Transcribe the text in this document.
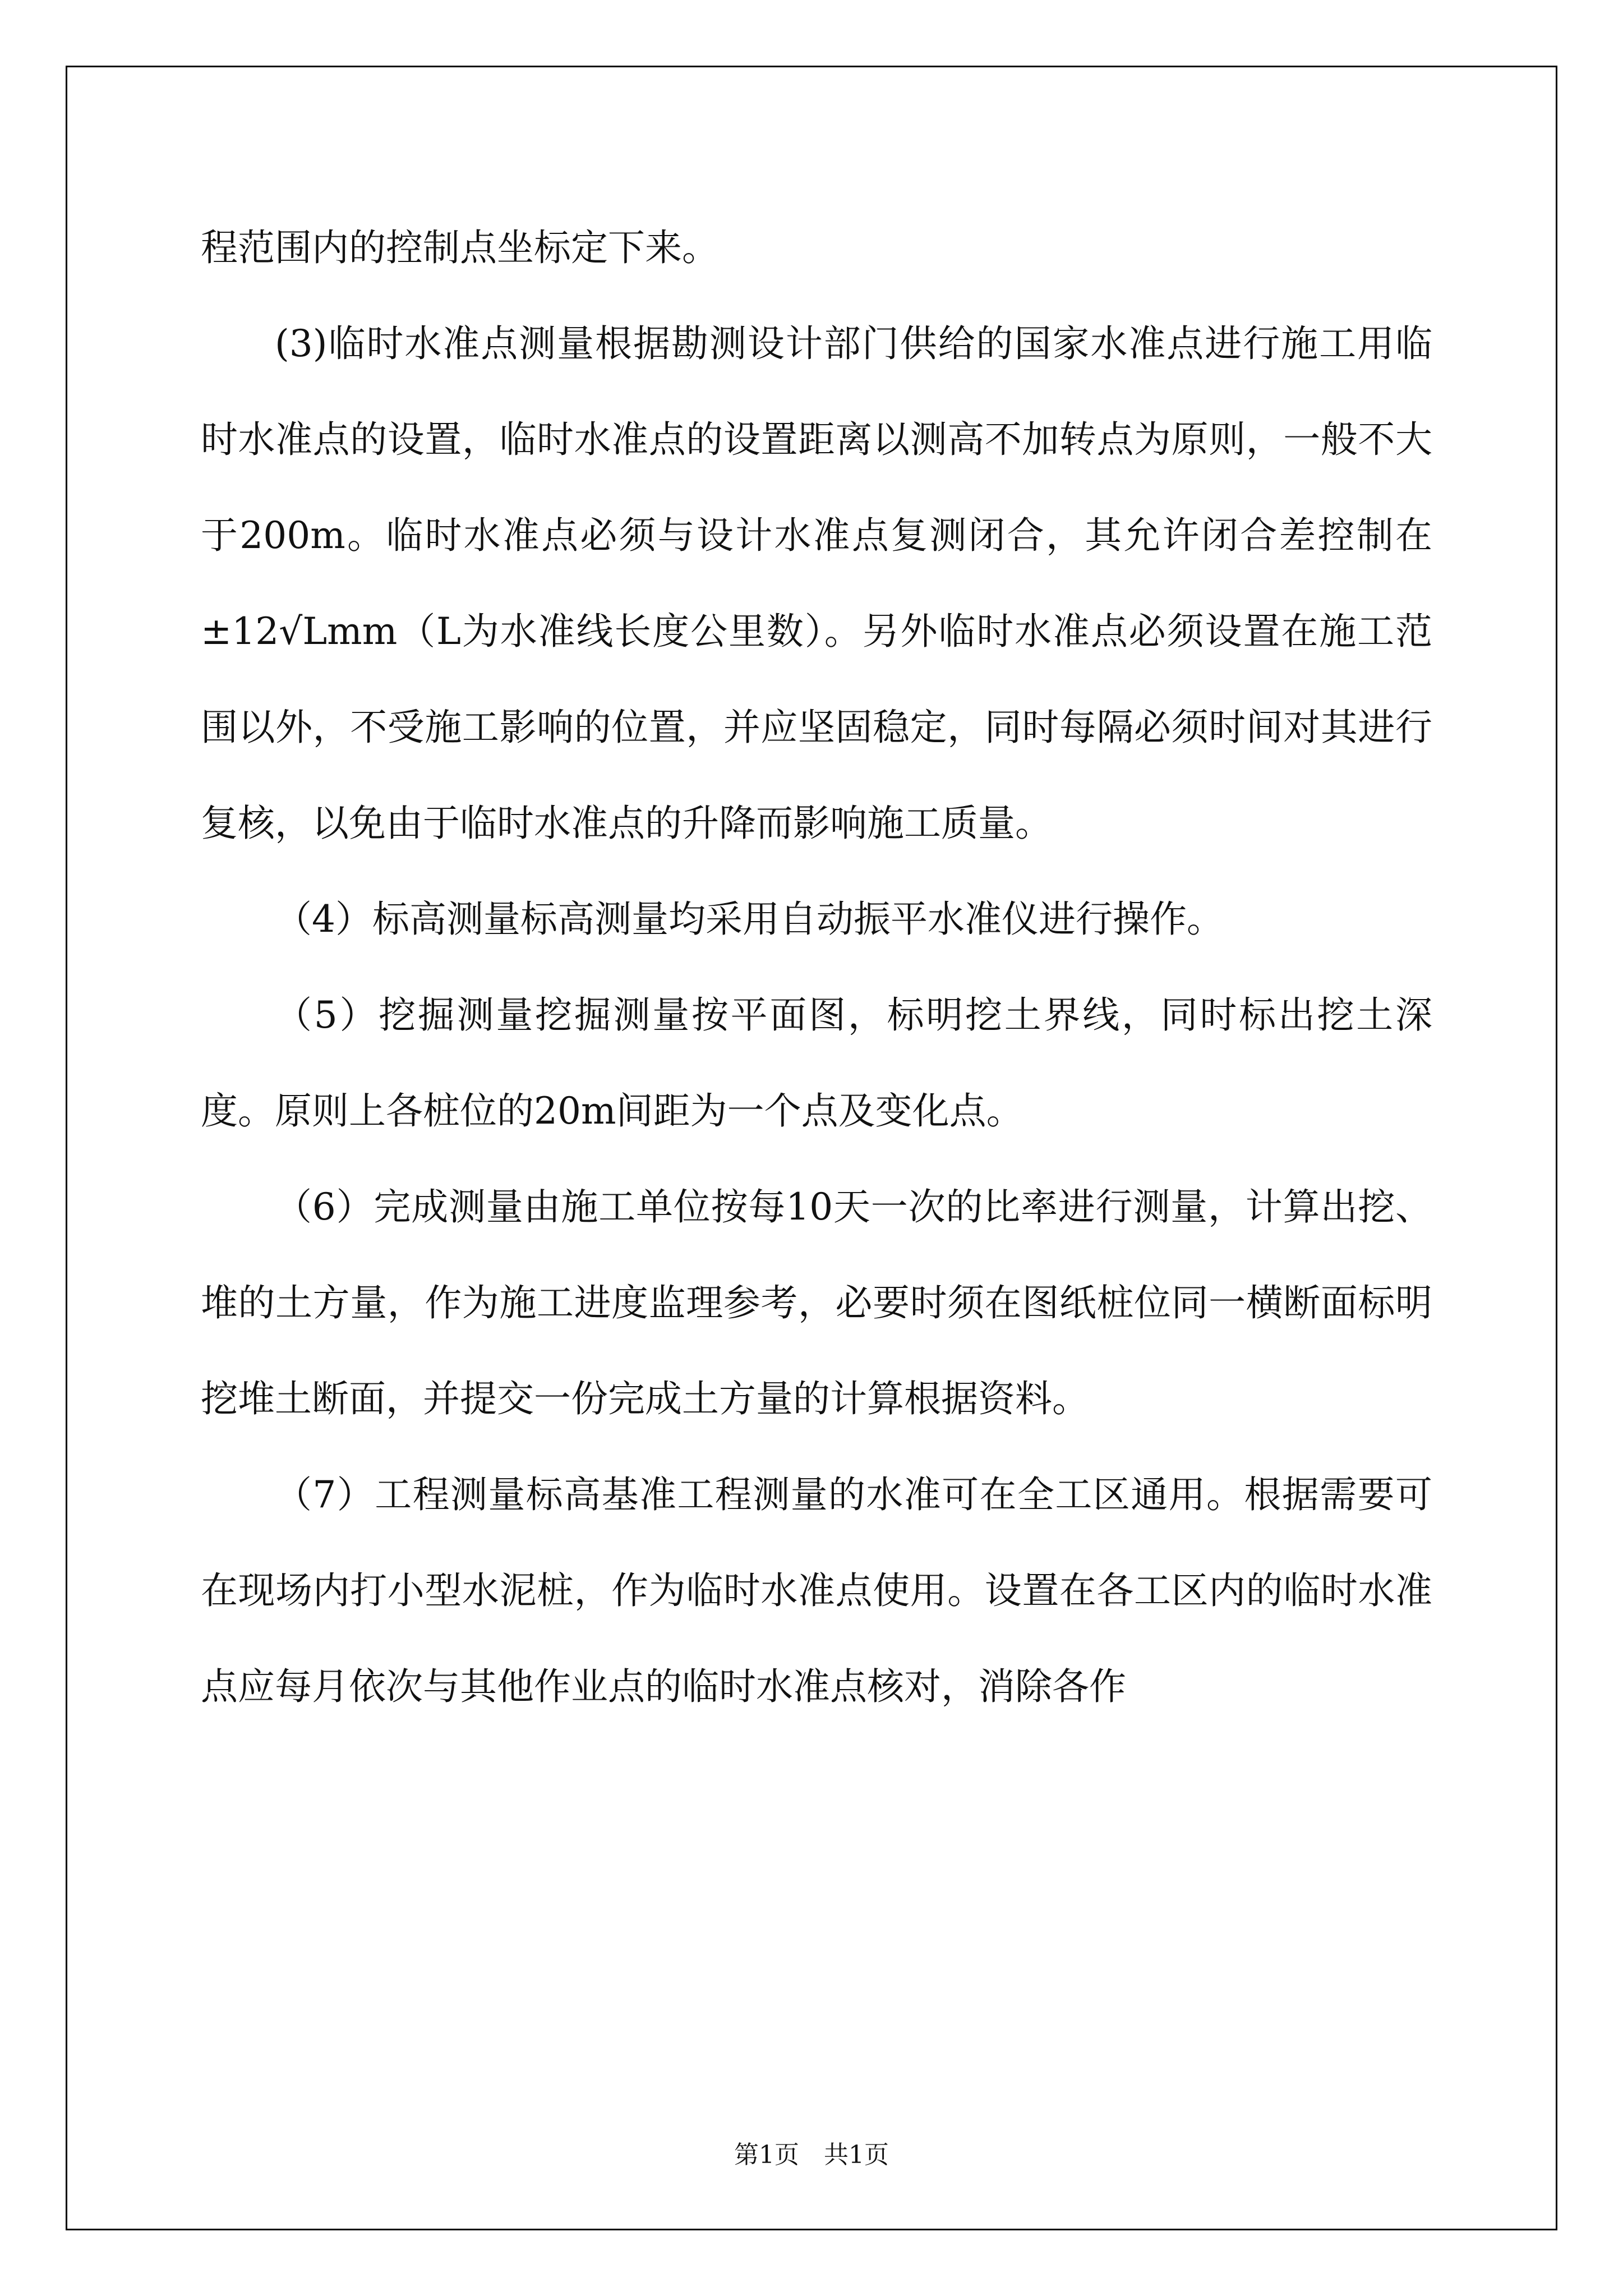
程范围内的控制点坐标定下来。

(3)临时水准点测量根据勘测设计部门供给的国家水准点进行施工用临时水准点的设置，临时水准点的设置距离以测高不加转点为原则，一般不大于200m。临时水准点必须与设计水准点复测闭合，其允许闭合差控制在±12√Lmm（L为水准线长度公里数）。另外临时水准点必须设置在施工范围以外，不受施工影响的位置，并应坚固稳定，同时每隔必须时间对其进行复核，以免由于临时水准点的升降而影响施工质量。

（4）标高测量标高测量均采用自动振平水准仪进行操作。

（5）挖掘测量挖掘测量按平面图，标明挖土界线，同时标出挖土深度。原则上各桩位的20m间距为一个点及变化点。

（6）完成测量由施工单位按每10天一次的比率进行测量，计算出挖、堆的土方量，作为施工进度监理参考，必要时须在图纸桩位同一横断面标明挖堆土断面，并提交一份完成土方量的计算根据资料。

（7）工程测量标高基准工程测量的水准可在全工区通用。根据需要可在现场内打小型水泥桩，作为临时水准点使用。设置在各工区内的临时水准点应每月依次与其他作业点的临时水准点核对，消除各作

第1页　共1页
